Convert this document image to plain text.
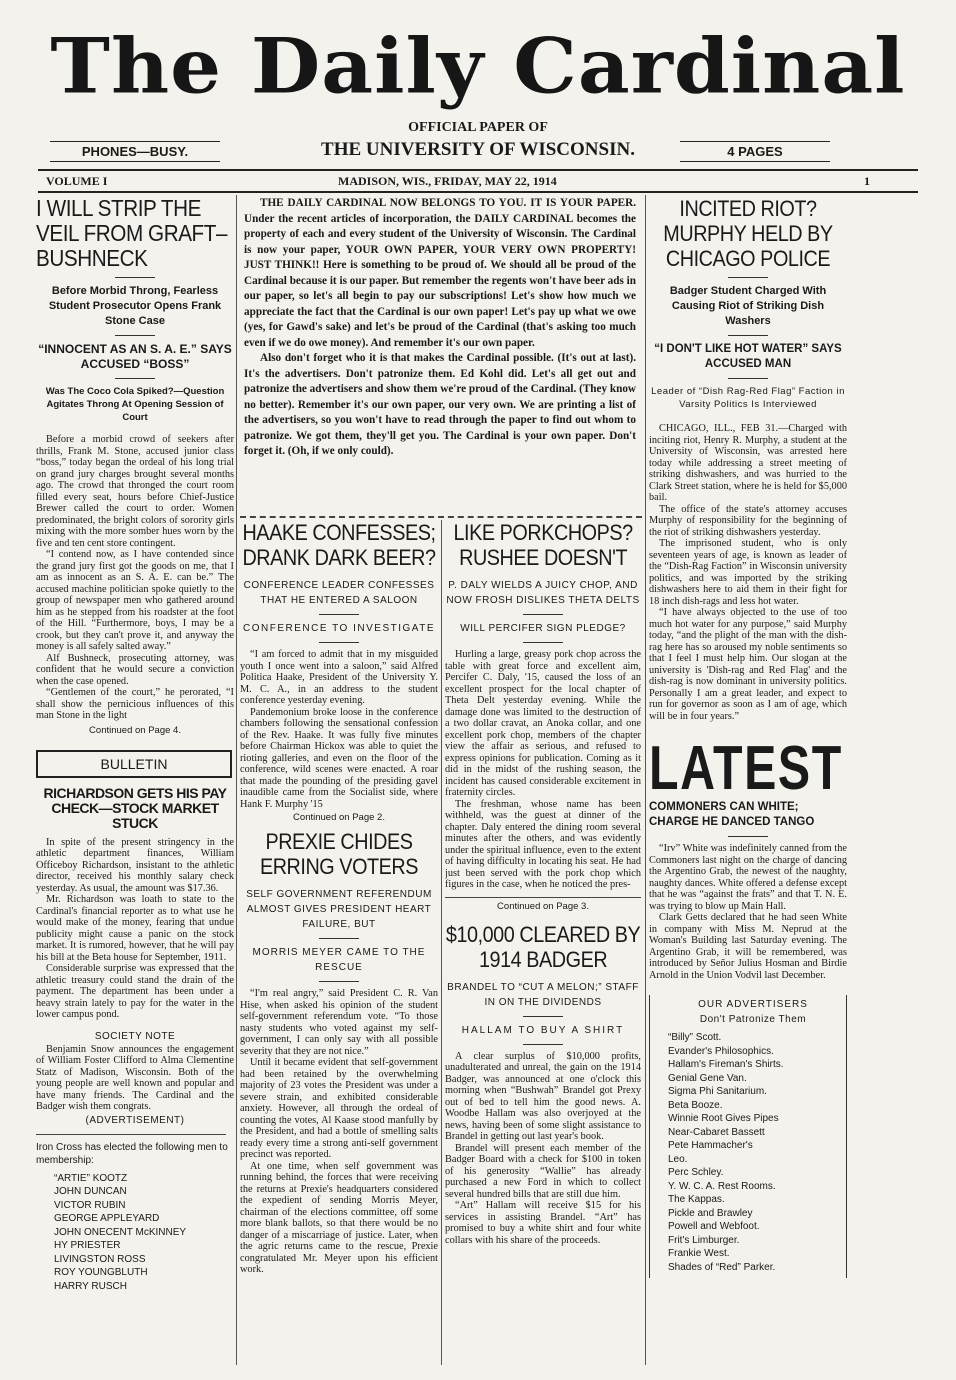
The Daily Cardinal
OFFICIAL PAPER OF
THE UNIVERSITY OF WISCONSIN.
PHONES—BUSY.	4 PAGES
VOLUME I	MADISON, WIS., FRIDAY, MAY 22, 1914	1
I WILL STRIP THE VEIL FROM GRAFT–BUSHNECK
Before Morbid Throng, Fearless Student Prosecutor Opens Frank Stone Case
“INNOCENT AS AN S. A. E.” SAYS ACCUSED “BOSS”
Was The Coco Cola Spiked?—Question Agitates Throng At Opening Session of Court

Before a morbid crowd of seekers after thrills, Frank M. Stone, accused junior class “boss,” today began the ordeal of his long trial on grand jury charges brought several months ago. The crowd that thronged the court room filled every seat, hours before Chief-Justice Brewer called the court to order. Women predominated, the bright colors of sorority girls mixing with the more somber hues worn by the five and ten cent store contingent.

“I contend now, as I have contended since the grand jury first got the goods on me, that I am as innocent as an S. A. E. can be.” The accused machine politician spoke quietly to the group of newspaper men who gathered around him as he stepped from his roadster at the foot of the Hill. “Furthermore, boys, I may be a crook, but they can't prove it, and anyway the money is all safely salted away.”

Alf Bushneck, prosecuting attorney, was confident that he would secure a conviction when the case opened.

“Gentlemen of the court,” he perorated, “I shall show the pernicious influences of this man Stone in the light

Continued on Page 4.
BULLETIN
RICHARDSON GETS HIS PAY CHECK—STOCK MARKET STUCK

In spite of the present stringency in the athletic department finances, William Officeboy Richardson, insistant to the athletic director, received his monthly salary check yesterday. As usual, the amount was $17.36.

Mr. Richardson was loath to state to the Cardinal's financial reporter as to what use he would make of the money, fearing that undue publicity might cause a panic on the stock market. It is rumored, however, that he will pay his bill at the Beta house for September, 1911.

Considerable surprise was expressed that the athletic treasury could stand the drain of the payment. The department has been under a heavy strain lately to pay for the water in the lower campus pond.

SOCIETY NOTE

Benjamin Snow announces the engagement of William Foster Clifford to Alma Clementine Statz of Madison, Wisconsin. Both of the young people are well known and popular and have many friends. The Cardinal and the Badger wish them congrats.

(ADVERTISEMENT)
Iron Cross has elected the following men to membership:
“ARTIE” KOOTZ
JOHN DUNCAN
VICTOR RUBIN
GEORGE APPLEYARD
JOHN ONECENT McKINNEY
HY PRIESTER
LIVINGSTON ROSS
ROY YOUNGBLUTH
HARRY RUSCH

THE DAILY CARDINAL NOW BELONGS TO YOU. IT IS YOUR PAPER. Under the recent articles of incorporation, the DAILY CARDINAL becomes the property of each and every student of the University of Wisconsin. The Cardinal is now your paper, YOUR OWN PAPER, YOUR VERY OWN PROPERTY! JUST THINK!! Here is something to be proud of. We should all be proud of the Cardinal because it is our paper. But remember the regents won't have beer ads in our paper, so let's all begin to pay our subscriptions! Let's show how much we appreciate the fact that the Cardinal is our own paper! Let's pay up what we owe (yes, for Gawd's sake) and let's be proud of the Cardinal (that's asking too much even if we do owe money). And remember it's our own paper.

Also don't forget who it is that makes the Cardinal possible. (It's out at last). It's the advertisers. Don't patronize them. Ed Kohl did. Let's all get out and patronize the advertisers and show them we're proud of the Cardinal. (They know no better). Remember it's our own paper, our very own. We are printing a list of the advertisers, so you won't have to read through the paper to find out whom to patronize. We got them, they'll get you. The Cardinal is your own paper. Don't forget it. (Oh, if we only could).

HAAKE CONFESSES; DRANK DARK BEER?
CONFERENCE LEADER CONFESSES THAT HE ENTERED A SALOON
CONFERENCE TO INVESTIGATE

“I am forced to admit that in my misguided youth I once went into a saloon,” said Alfred Politica Haake, President of the University Y. M. C. A., in an address to the student conference yesterday evening.

Pandemonium broke loose in the conference chambers following the sensational confession of the Rev. Haake. It was fully five minutes before Chairman Hickox was able to quiet the rioting galleries, and even on the floor of the conference, wild scenes were enacted. A roar that made the pounding of the presiding gavel inaudible came from the Socialist side, where Hank F. Murphy '15

Continued on Page 2.
PREXIE CHIDES ERRING VOTERS
SELF GOVERNMENT REFERENDUM ALMOST GIVES PRESIDENT HEART FAILURE, BUT
MORRIS MEYER CAME TO THE RESCUE

“I'm real angry,” said President C. R. Van Hise, when asked his opinion of the student self-government referendum vote. “To those nasty students who voted against my self-government, I can only say with all possible severity that they are not nice.”

Until it became evident that self-government had been retained by the overwhelming majority of 23 votes the President was under a severe strain, and exhibited considerable anxiety. However, all through the ordeal of counting the votes, Al Kaase stood manfully by the President, and had a bottle of smelling salts ready every time a strong anti-self government precinct was reported.

At one time, when self government was running behind, the forces that were receiving the returns at Prexie's headquarters considered the expedient of sending Morris Meyer, chairman of the elections committee, off some more blank ballots, so that there would be no danger of a miscarriage of justice. Later, when the agric returns came to the rescue, Prexie congratulated Mr. Meyer upon his efficient work.

LIKE PORKCHOPS? RUSHEE DOESN'T
P. DALY WIELDS A JUICY CHOP, AND NOW FROSH DISLIKES THETA DELTS
WILL PERCIFER SIGN PLEDGE?

Hurling a large, greasy pork chop across the table with great force and excellent aim, Percifer C. Daly, '15, caused the loss of an excellent prospect for the local chapter of Theta Delt yesterday evening. While the damage done was limited to the destruction of a two dollar cravat, an Anoka collar, and one excellent pork chop, members of the chapter view the affair as serious, and refused to express opinions for publication. Coming as it did in the midst of the rushing season, the incident has caused considerable excitement in fraternity circles.

The freshman, whose name has been withheld, was the guest at dinner of the chapter. Daly entered the dining room several minutes after the others, and was evidently under the spiritual influence, even to the extent of having difficulty in locating his seat. He had just been served with the pork chop which figures in the case, when he noticed the pres-

Continued on Page 3.
$10,000 CLEARED BY 1914 BADGER
BRANDEL TO “CUT A MELON;” STAFF IN ON THE DIVIDENDS
HALLAM TO BUY A SHIRT

A clear surplus of $10,000 profits, unadulterated and unreal, the gain on the 1914 Badger, was announced at one o'clock this morning when “Bushwah” Brandel got Prexy out of bed to tell him the good news. A. Woodbe Hallam was also overjoyed at the news, having been of some slight assistance to Brandel in getting out last year's book.

Brandel will present each member of the Badger Board with a check for $100 in token of his generosity “Wallie” has already purchased a new Ford in which to collect several hundred bills that are still due him.

“Art” Hallam will receive $15 for his services in assisting Brandel. “Art” has promised to buy a white shirt and four white collars with his share of the proceeds.

INCITED RIOT? MURPHY HELD BY CHICAGO POLICE
Badger Student Charged With Causing Riot of Striking Dish Washers
“I DON'T LIKE HOT WATER” SAYS ACCUSED MAN
Leader of “Dish Rag-Red Flag” Faction in Varsity Politics Is Interviewed

CHICAGO, ILL., FEB 31.—Charged with inciting riot, Henry R. Murphy, a student at the University of Wisconsin, was arrested here today while addressing a street meeting of striking dishwashers, and was hurried to the Clark Street station, where he is held for $5,000 bail.

The office of the state's attorney accuses Murphy of responsibility for the beginning of the riot of striking dishwashers yesterday.

The imprisoned student, who is only seventeen years of age, is known as leader of the “Dish-Rag Faction” in Wisconsin university politics, and was imported by the striking dishwashers here to aid them in their fight for 18 inch dish-rags and less hot water.

“I have always objected to the use of too much hot water for any purpose,” said Murphy today, “and the plight of the man with the dish-rag here has so aroused my noble sentiments so that I feel I must help him. Our slogan at the university is 'Dish-rag and Red Flag' and the dish-rag is now dominant in university politics. Personally I am a great leader, and expect to run for governor as soon as I am of age, which will be in four years.”

LATEST
COMMONERS CAN WHITE; CHARGE HE DANCED TANGO

“Irv” White was indefinitely canned from the Commoners last night on the charge of dancing the Argentino Grab, the newest of the naughty, naughty dances. White offered a defense except that he was “against the frats” and that T. N. E. was trying to blow up Main Hall.

Clark Getts declared that he had seen White in company with Miss M. Neprud at the Woman's Building last Saturday evening. The Argentino Grab, it will be remembered, was introduced by Señor Julius Hosman and Birdie Arnold in the Union Vodvil last December.

OUR ADVERTISERS
Don't Patronize Them
“Billy” Scott.
Evander's Philosophics.
Hallam's Fireman's Shirts.
Genial Gene Van.
Sigma Phi Sanitarium.
Beta Booze.
Winnie Root Gives Pipes
Near-Cabaret Bassett
Pete Hammacher's
Leo.
Perc Schley.
Y. W. C. A. Rest Rooms.
The Kappas.
Pickle and Brawley
Powell and Webfoot.
Frit's Limburger.
Frankie West.
Shades of “Red” Parker.
